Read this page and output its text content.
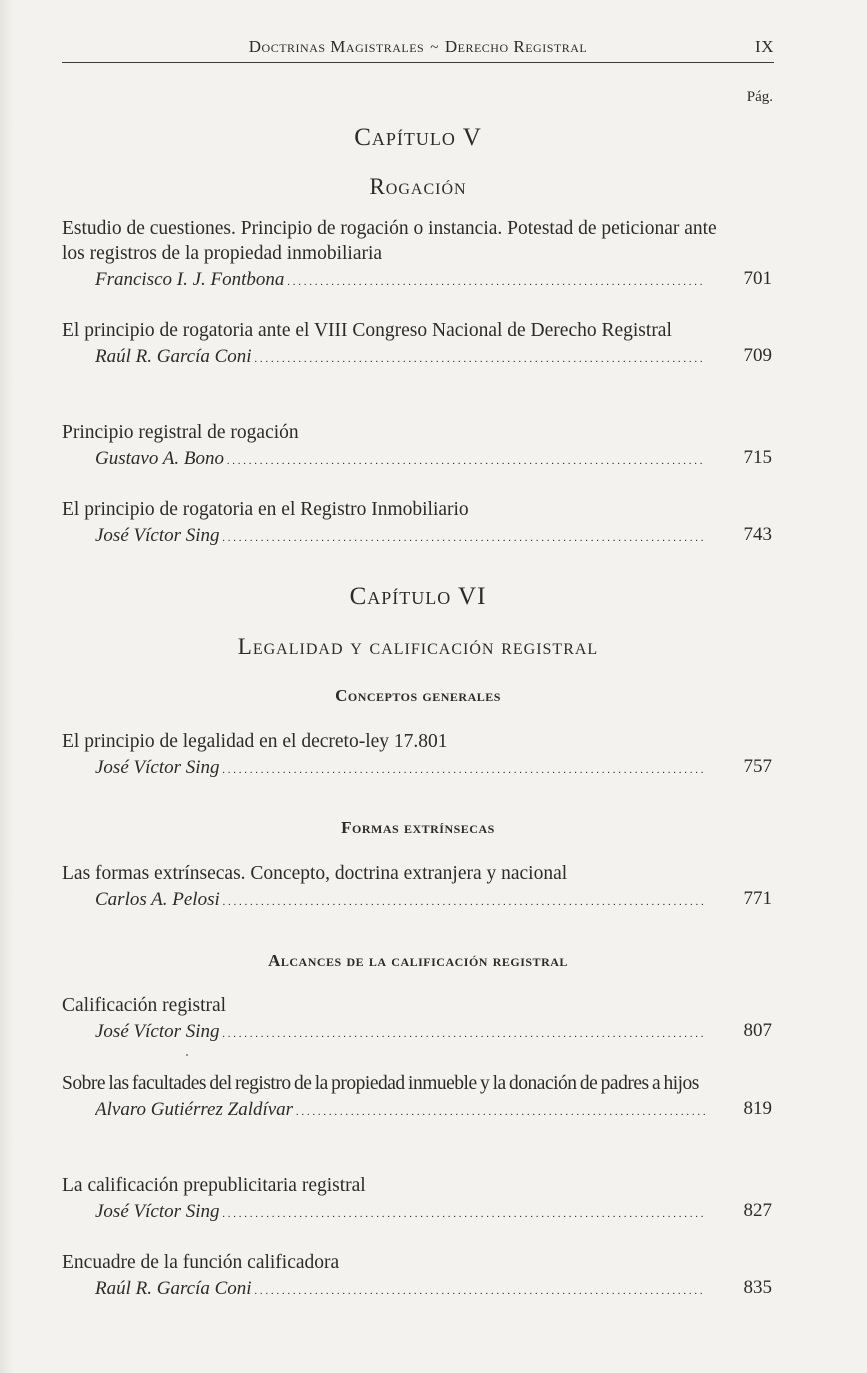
Doctrinas Magistrales ~ Derecho Registral	IX
Pág.
Capítulo V
Rogación
Estudio de cuestiones. Principio de rogación o instancia. Potestad de peticionar ante los registros de la propiedad inmobiliaria
Francisco I. J. Fontbona . . .	701
El principio de rogatoria ante el VIII Congreso Nacional de Derecho Registral
Raúl R. García Coni . . .	709
Principio registral de rogación
Gustavo A. Bono . . .	715
El principio de rogatoria en el Registro Inmobiliario
José Víctor Sing . . .	743
Capítulo VI
Legalidad y calificación registral
Conceptos generales
El principio de legalidad en el decreto-ley 17.801
José Víctor Sing . . .	757
Formas extrínsecas
Las formas extrínsecas. Concepto, doctrina extranjera y nacional
Carlos A. Pelosi . . .	771
Alcances de la calificación registral
Calificación registral
José Víctor Sing . . .	807
Sobre las facultades del registro de la propiedad inmueble y la donación de padres a hijos
Alvaro Gutiérrez Zaldívar . . .	819
La calificación prepublicitaria registral
José Víctor Sing . . .	827
Encuadre de la función calificadora
Raúl R. García Coni . . .	835
